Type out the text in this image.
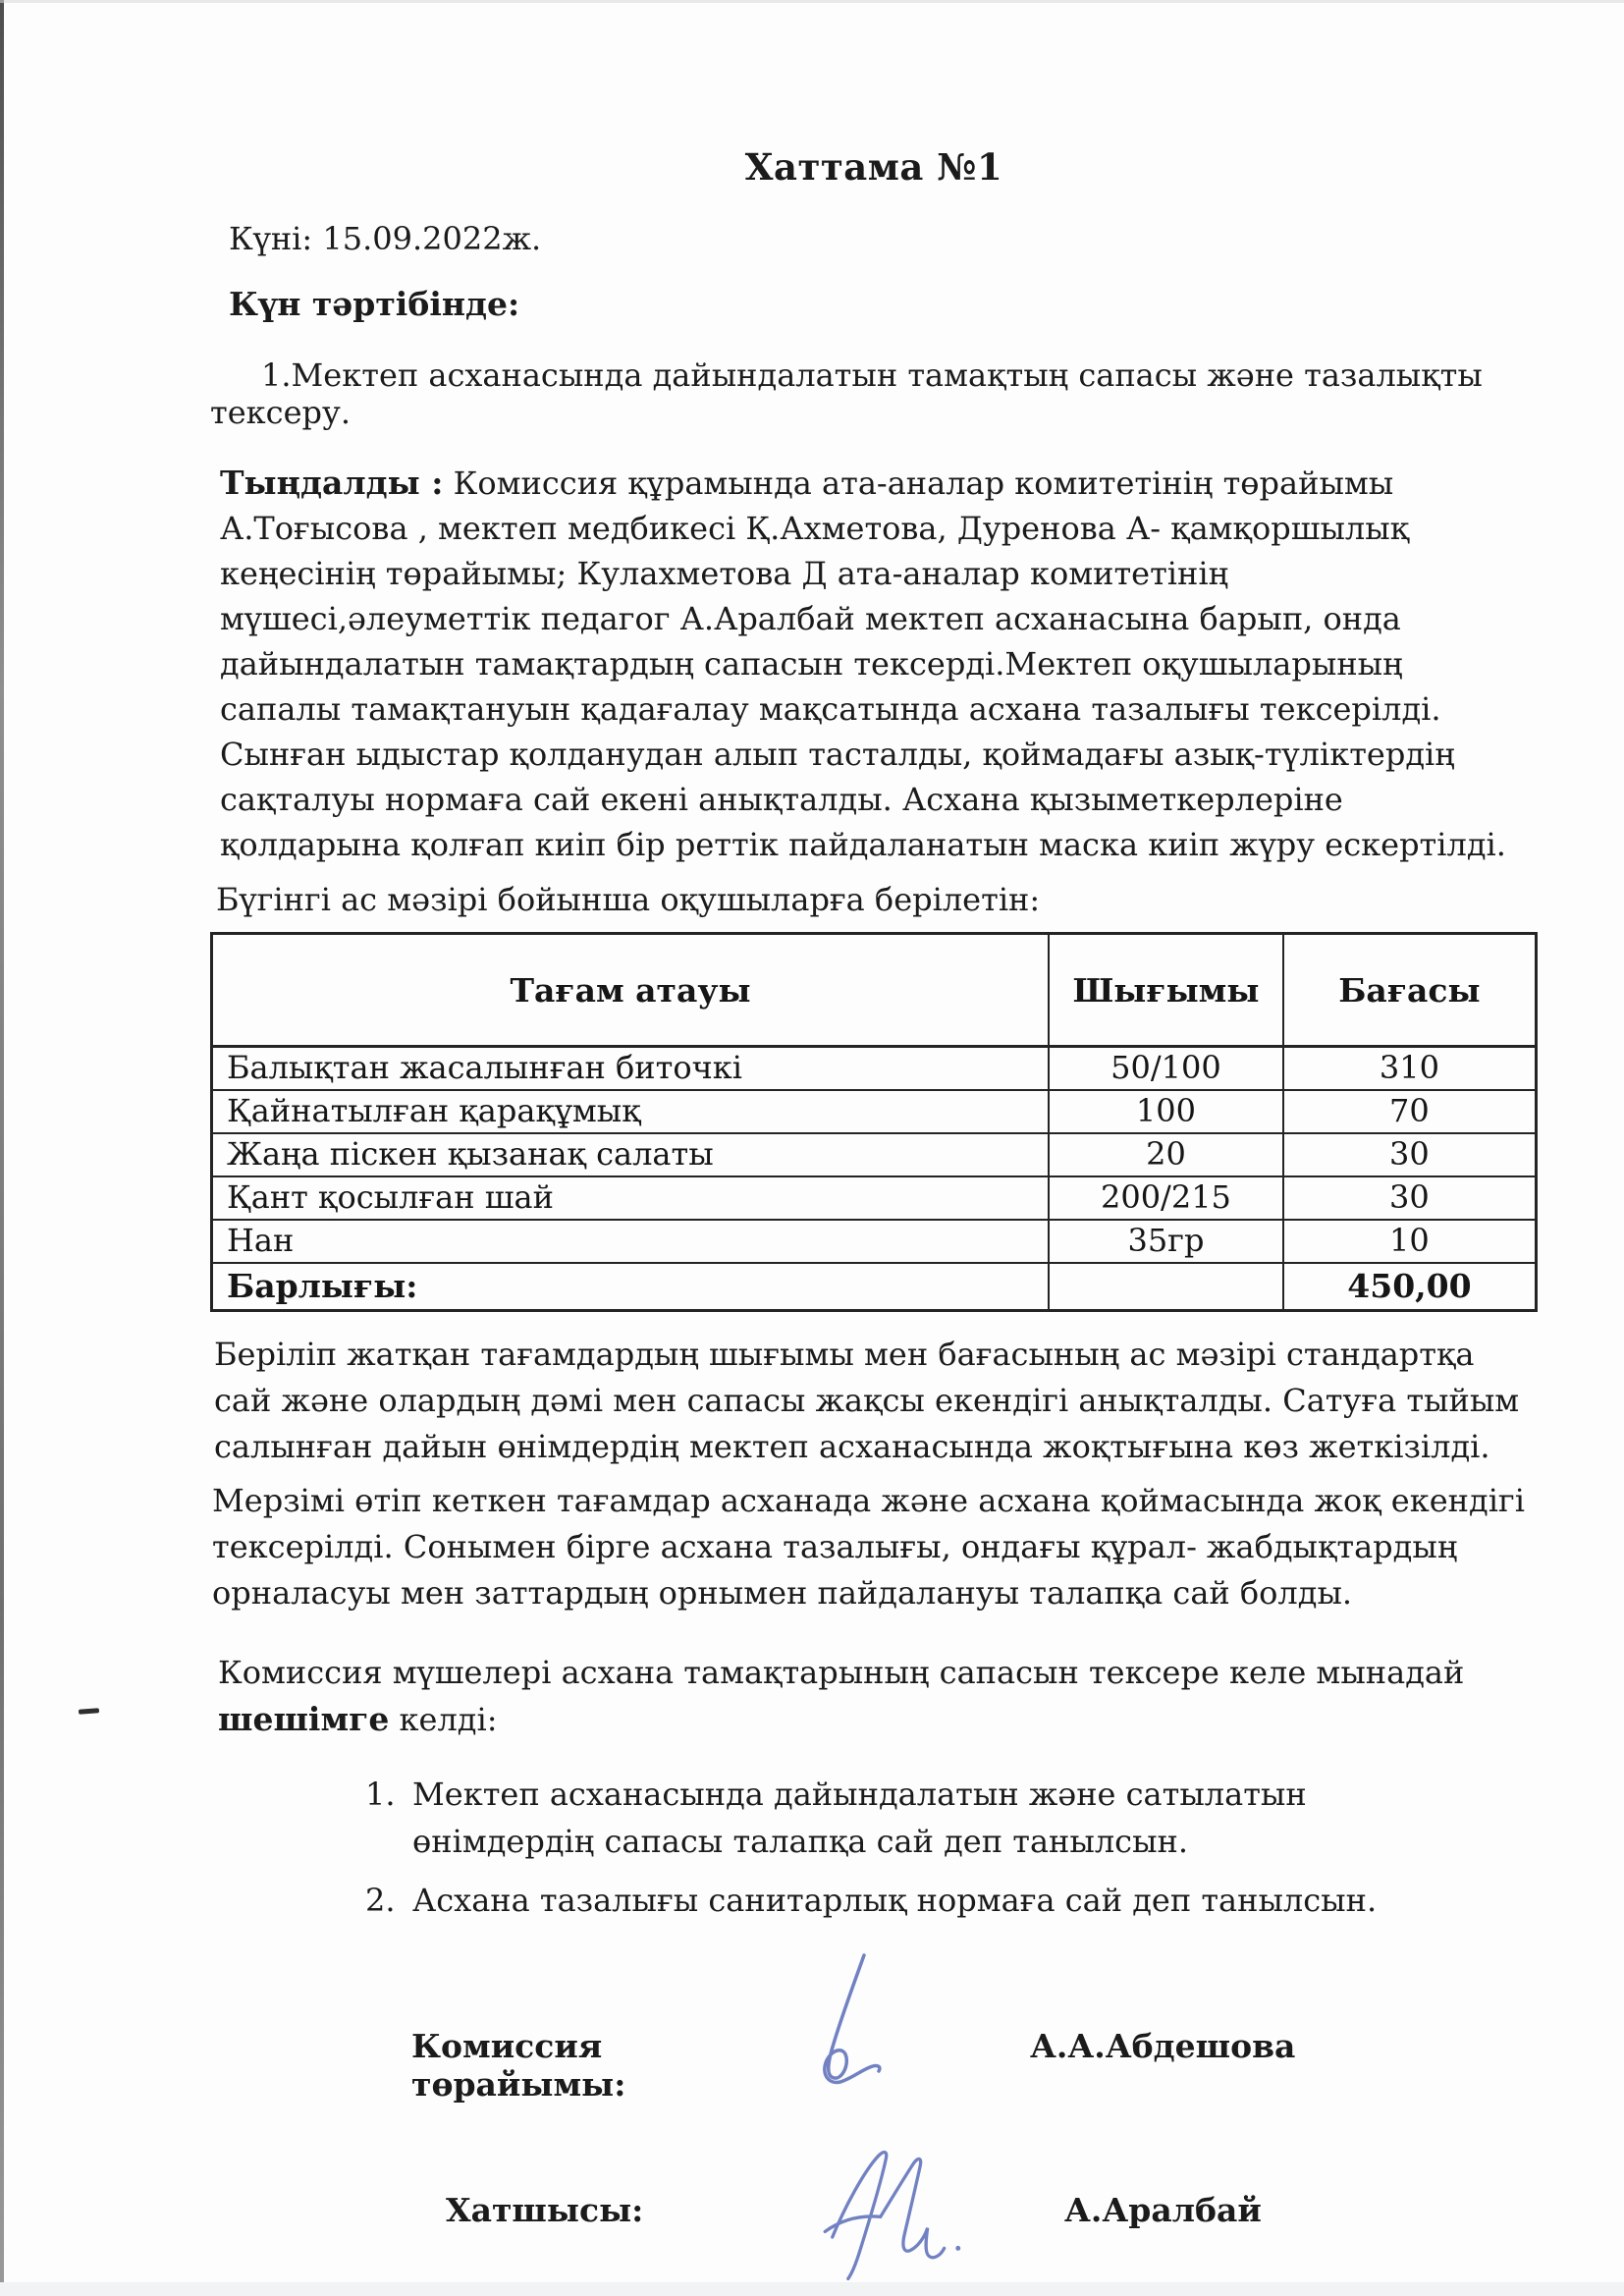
Хаттама №1
Күні: 15.09.2022ж.
Күн тәртібінде:
1.Мектеп асханасында дайындалатын тамақтың сапасы және тазалықты тексеру.
Тыңдалды : Комиссия құрамында ата-аналар комитетінің төрайымы А.Тоғысова , мектеп медбикесі Қ.Ахметова, Дуренова А- қамқоршылық кеңесінің төрайымы; Кулахметова Д ата-аналар комитетінің мүшесі,әлеуметтік педагог А.Аралбай мектеп асханасына барып, онда дайындалатын тамақтардың сапасын тексерді.Мектеп оқушыларының сапалы тамақтануын қадағалау мақсатында асхана тазалығы тексерілді. Сынған ыдыстар қолданудан алып тасталды, қоймадағы азық-түліктердің сақталуы нормаға сай екені анықталды. Асхана қызыметкерлеріне қолдарына қолғап киіп бір реттік пайдаланатын маска киіп жүру ескертілді.
Бүгінгі ас мәзірі бойынша оқушыларға берілетін:
Тағам атауы	Шығымы	Бағасы
Балықтан жасалынған биточкі	50/100	310
Қайнатылған қарақұмық	100	70
Жаңа піскен қызанақ салаты	20	30
Қант қосылған шай	200/215	30
Нан	35гр	10
Барлығы:		450,00
Беріліп жатқан тағамдардың шығымы мен бағасының ас мәзірі стандартқа сай және олардың дәмі мен сапасы жақсы екендігі анықталды. Сатуға тыйым салынған дайын өнімдердің мектеп асханасында жоқтығына көз жеткізілді.
Мерзімі өтіп кеткен тағамдар асханада және асхана қоймасында жоқ екендігі тексерілді. Сонымен бірге асхана тазалығы, ондағы құрал- жабдықтардың орналасуы мен заттардың орнымен пайдалануы талапқа сай болды.
Комиссия мүшелері асхана тамақтарының сапасын тексере келе мынадай шешімге келді:
1. Мектеп асханасында дайындалатын және сатылатын өнімдердің сапасы талапқа сай деп танылсын.
2. Асхана тазалығы санитарлық нормаға сай деп танылсын.
Комиссия төрайымы:
А.А.Абдешова
Хатшысы:	А.Аралбай
